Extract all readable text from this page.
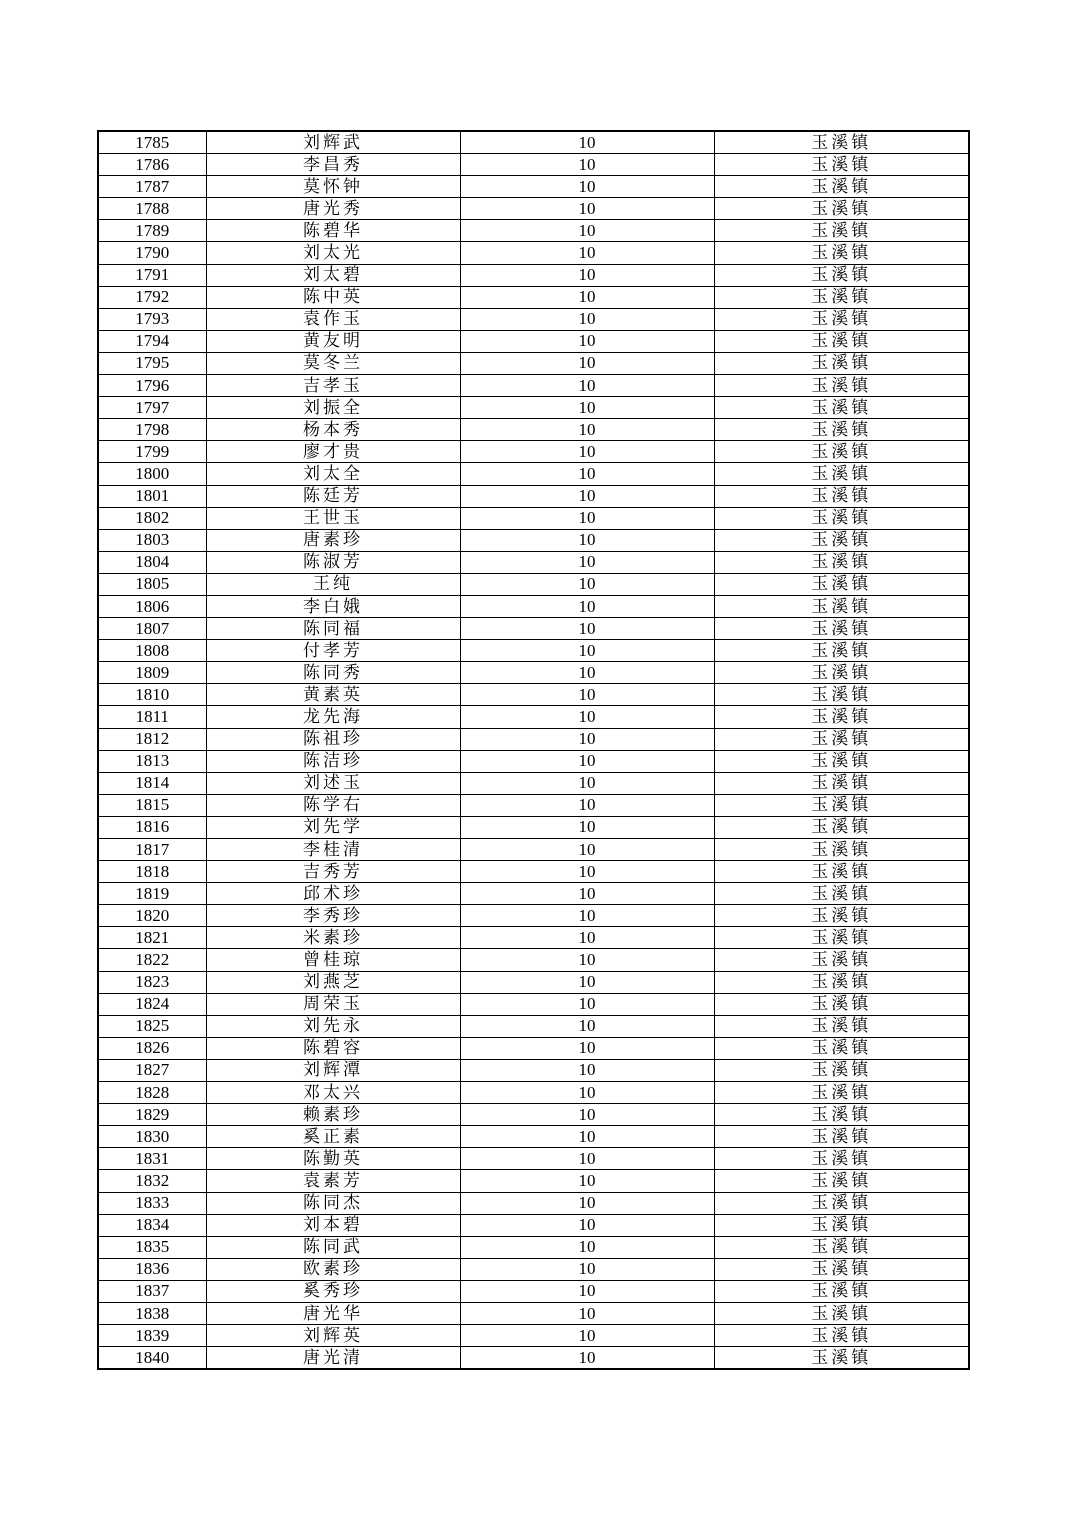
1785	刘辉武	10	玉溪镇
1786	李昌秀	10	玉溪镇
1787	莫怀钟	10	玉溪镇
1788	唐光秀	10	玉溪镇
1789	陈碧华	10	玉溪镇
1790	刘太光	10	玉溪镇
1791	刘太碧	10	玉溪镇
1792	陈中英	10	玉溪镇
1793	袁作玉	10	玉溪镇
1794	黄友明	10	玉溪镇
1795	莫冬兰	10	玉溪镇
1796	吉孝玉	10	玉溪镇
1797	刘振全	10	玉溪镇
1798	杨本秀	10	玉溪镇
1799	廖才贵	10	玉溪镇
1800	刘太全	10	玉溪镇
1801	陈廷芳	10	玉溪镇
1802	王世玉	10	玉溪镇
1803	唐素珍	10	玉溪镇
1804	陈淑芳	10	玉溪镇
1805	王纯	10	玉溪镇
1806	李白娥	10	玉溪镇
1807	陈同福	10	玉溪镇
1808	付孝芳	10	玉溪镇
1809	陈同秀	10	玉溪镇
1810	黄素英	10	玉溪镇
1811	龙先海	10	玉溪镇
1812	陈祖珍	10	玉溪镇
1813	陈洁珍	10	玉溪镇
1814	刘述玉	10	玉溪镇
1815	陈学右	10	玉溪镇
1816	刘先学	10	玉溪镇
1817	李桂清	10	玉溪镇
1818	吉秀芳	10	玉溪镇
1819	邱术珍	10	玉溪镇
1820	李秀珍	10	玉溪镇
1821	米素珍	10	玉溪镇
1822	曾桂琼	10	玉溪镇
1823	刘燕芝	10	玉溪镇
1824	周荣玉	10	玉溪镇
1825	刘先永	10	玉溪镇
1826	陈碧容	10	玉溪镇
1827	刘辉潭	10	玉溪镇
1828	邓太兴	10	玉溪镇
1829	赖素珍	10	玉溪镇
1830	奚正素	10	玉溪镇
1831	陈勤英	10	玉溪镇
1832	袁素芳	10	玉溪镇
1833	陈同杰	10	玉溪镇
1834	刘本碧	10	玉溪镇
1835	陈同武	10	玉溪镇
1836	欧素珍	10	玉溪镇
1837	奚秀珍	10	玉溪镇
1838	唐光华	10	玉溪镇
1839	刘辉英	10	玉溪镇
1840	唐光清	10	玉溪镇
